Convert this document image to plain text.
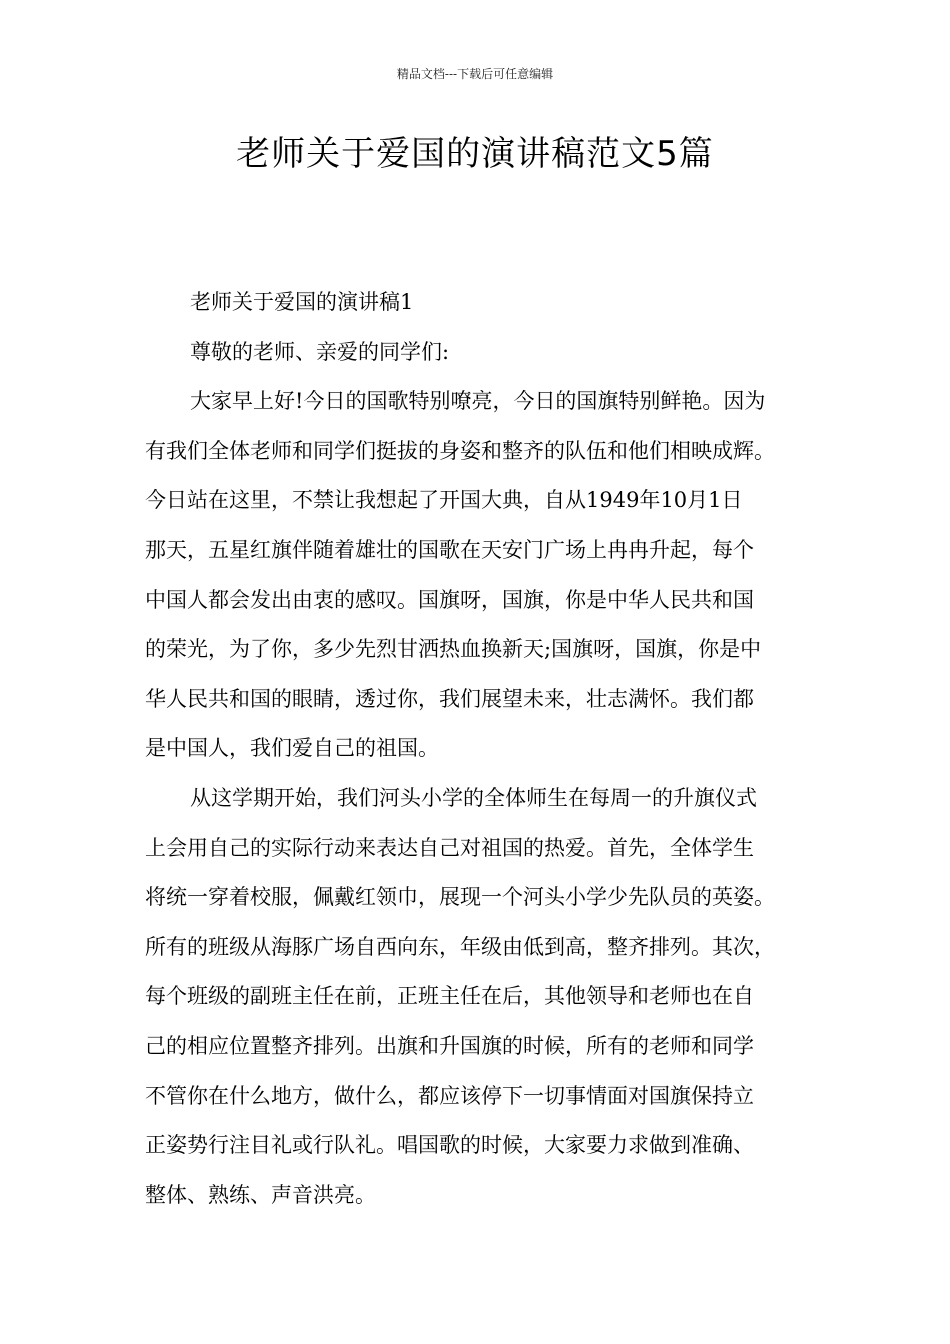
精品文档---下载后可任意编辑
老师关于爱国的演讲稿范文5篇
老师关于爱国的演讲稿1
尊敬的老师、亲爱的同学们:
大家早上好!今日的国歌特别嘹亮，今日的国旗特别鲜艳。因为
有我们全体老师和同学们挺拔的身姿和整齐的队伍和他们相映成辉。
今日站在这里，不禁让我想起了开国大典，自从1949年10月1日
那天，五星红旗伴随着雄壮的国歌在天安门广场上冉冉升起，每个
中国人都会发出由衷的感叹。国旗呀，国旗，你是中华人民共和国
的荣光，为了你，多少先烈甘洒热血换新天;国旗呀，国旗，你是中
华人民共和国的眼睛，透过你，我们展望未来，壮志满怀。我们都
是中国人，我们爱自己的祖国。
从这学期开始，我们河头小学的全体师生在每周一的升旗仪式
上会用自己的实际行动来表达自己对祖国的热爱。首先，全体学生
将统一穿着校服，佩戴红领巾，展现一个河头小学少先队员的英姿。
所有的班级从海豚广场自西向东，年级由低到高，整齐排列。其次，
每个班级的副班主任在前，正班主任在后，其他领导和老师也在自
己的相应位置整齐排列。出旗和升国旗的时候，所有的老师和同学
不管你在什么地方，做什么，都应该停下一切事情面对国旗保持立
正姿势行注目礼或行队礼。唱国歌的时候，大家要力求做到准确、
整体、熟练、声音洪亮。
